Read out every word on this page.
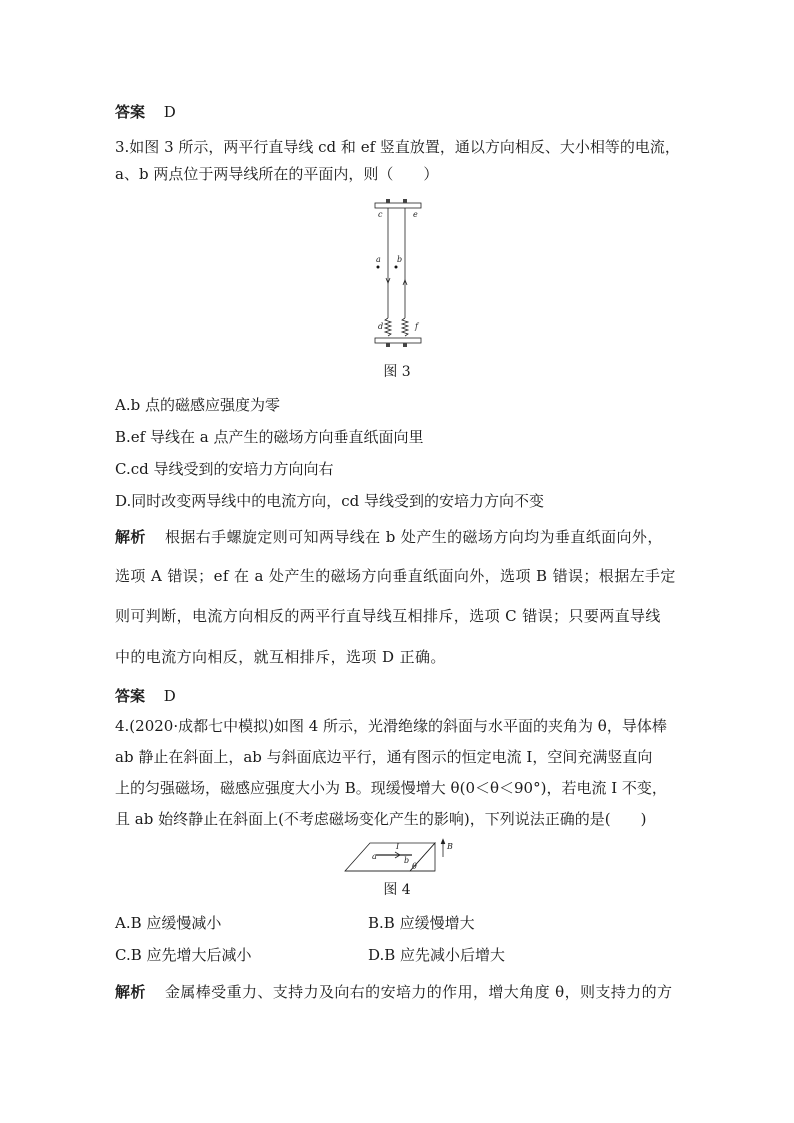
答案 D
3.如图 3 所示，两平行直导线 cd 和 ef 竖直放置，通以方向相反、大小相等的电流，
a、b 两点位于两导线所在的平面内，则（　　）
c	e
a b
d	f
图 3
A.b 点的磁感应强度为零
B.ef 导线在 a 点产生的磁场方向垂直纸面向里
C.cd 导线受到的安培力方向向右
D.同时改变两导线中的电流方向，cd 导线受到的安培力方向不变
解析 根据右手螺旋定则可知两导线在 b 处产生的磁场方向均为垂直纸面向外，
选项 A 错误；ef 在 a 处产生的磁场方向垂直纸面向外，选项 B 错误；根据左手定
则可判断，电流方向相反的两平行直导线互相排斥，选项 C 错误；只要两直导线
中的电流方向相反，就互相排斥，选项 D 正确。
答案 D
4.(2020·成都七中模拟)如图 4 所示，光滑绝缘的斜面与水平面的夹角为 θ，导体棒
ab 静止在斜面上，ab 与斜面底边平行，通有图示的恒定电流 I，空间充满竖直向
上的匀强磁场，磁感应强度大小为 B。现缓慢增大 θ(0＜θ＜90°)，若电流 I 不变，
且 ab 始终静止在斜面上(不考虑磁场变化产生的影响)，下列说法正确的是(　　)
a
I
b
θ
B
图 4
A.B 应缓慢减小	B.B 应缓慢增大
C.B 应先增大后减小	D.B 应先减小后增大
解析 金属棒受重力、支持力及向右的安培力的作用，增大角度 θ，则支持力的方
